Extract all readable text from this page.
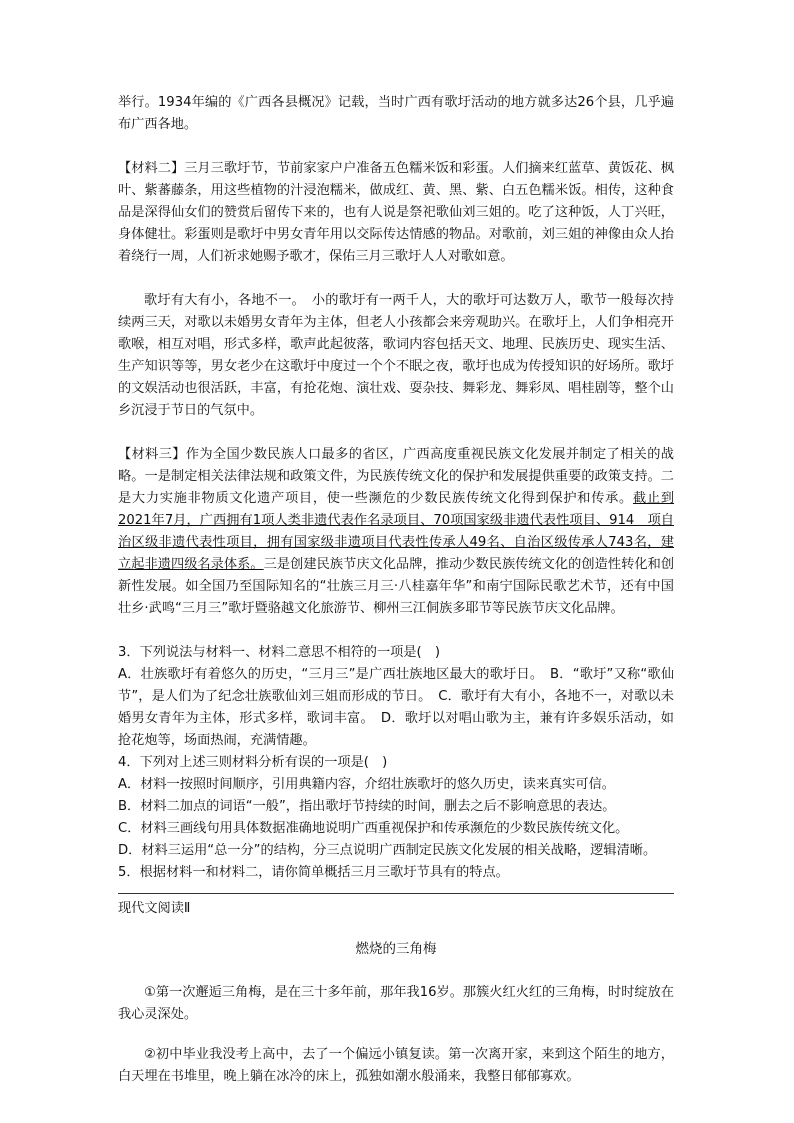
举行。1934年编的《广西各县概况》记载，当时广西有歌圩活动的地方就多达26个县，几乎遍布广西各地。

【材料二】三月三歌圩节，节前家家户户准备五色糯米饭和彩蛋。人们摘来红蓝草、黄饭花、枫叶、紫蕃藤条，用这些植物的汁浸泡糯米，做成红、黄、黑、紫、白五色糯米饭。相传，这种食品是深得仙女们的赞赏后留传下来的，也有人说是祭祀歌仙刘三姐的。吃了这种饭，人丁兴旺，身体健壮。彩蛋则是歌圩中男女青年用以交际传达情感的物品。对歌前，刘三姐的神像由众人抬着绕行一周，人们祈求她赐予歌才，保佑三月三歌圩人人对歌如意。

歌圩有大有小，各地不一。　小的歌圩有一两千人，大的歌圩可达数万人，歌节一般每次持续两三天，对歌以未婚男女青年为主体，但老人小孩都会来旁观助兴。在歌圩上，人们争相亮开歌喉，相互对唱，形式多样，歌声此起彼落，歌词内容包括天文、地理、民族历史、现实生活、生产知识等等，男女老少在这歌圩中度过一个个不眠之夜，歌圩也成为传授知识的好场所。歌圩的文娱活动也很活跃，丰富，有抢花炮、演壮戏、耍杂技、舞彩龙、舞彩凤、唱桂剧等，整个山乡沉浸于节日的气氛中。

【材料三】作为全国少数民族人口最多的省区，广西高度重视民族文化发展并制定了相关的战略。一是制定相关法律法规和政策文件，为民族传统文化的保护和发展提供重要的政策支持。二是大力实施非物质文化遗产项目，使一些濒危的少数民族传统文化得到保护和传承。截止到2021年7月，广西拥有1项人类非遗代表作名录项目、70项国家级非遗代表性项目、914　项自治区级非遗代表性项目，拥有国家级非遗项目代表性传承人49名、自治区级传承人743名，建立起非遗四级名录体系。三是创建民族节庆文化品牌，推动少数民族传统文化的创造性转化和创新性发展。如全国乃至国际知名的“壮族三月三·八桂嘉年华”和南宁国际民歌艺术节，还有中国壮乡·武鸣“三月三”歌圩暨骆越文化旅游节、柳州三江侗族多耶节等民族节庆文化品牌。

3．下列说法与材料一、材料二意思不相符的一项是(　)

A．壮族歌圩有着悠久的历史，“三月三”是广西壮族地区最大的歌圩日。　B．“歌圩”又称“歌仙节”，是人们为了纪念壮族歌仙刘三姐而形成的节日。　C．歌圩有大有小，各地不一，对歌以未婚男女青年为主体，形式多样，歌词丰富。　D．歌圩以对唱山歌为主，兼有许多娱乐活动，如抢花炮等，场面热闹，充满情趣。

4．下列对上述三则材料分析有误的一项是(　)

A．材料一按照时间顺序，引用典籍内容，介绍壮族歌圩的悠久历史，读来真实可信。

B．材料二加点的词语“一般”，指出歌圩节持续的时间，删去之后不影响意思的表达。

C．材料三画线句用具体数据准确地说明广西重视保护和传承濒危的少数民族传统文化。

D．材料三运用“总一分”的结构，分三点说明广西制定民族文化发展的相关战略，逻辑清晰。

5．根据材料一和材料二，请你简单概括三月三歌圩节具有的特点。

现代文阅读Ⅱ

燃烧的三角梅

①第一次邂逅三角梅，是在三十多年前，那年我16岁。那簇火红火红的三角梅，时时绽放在我心灵深处。

②初中毕业我没考上高中，去了一个偏远小镇复读。第一次离开家，来到这个陌生的地方，白天埋在书堆里，晚上躺在冰冷的床上，孤独如潮水般涌来，我整日郁郁寡欢。
